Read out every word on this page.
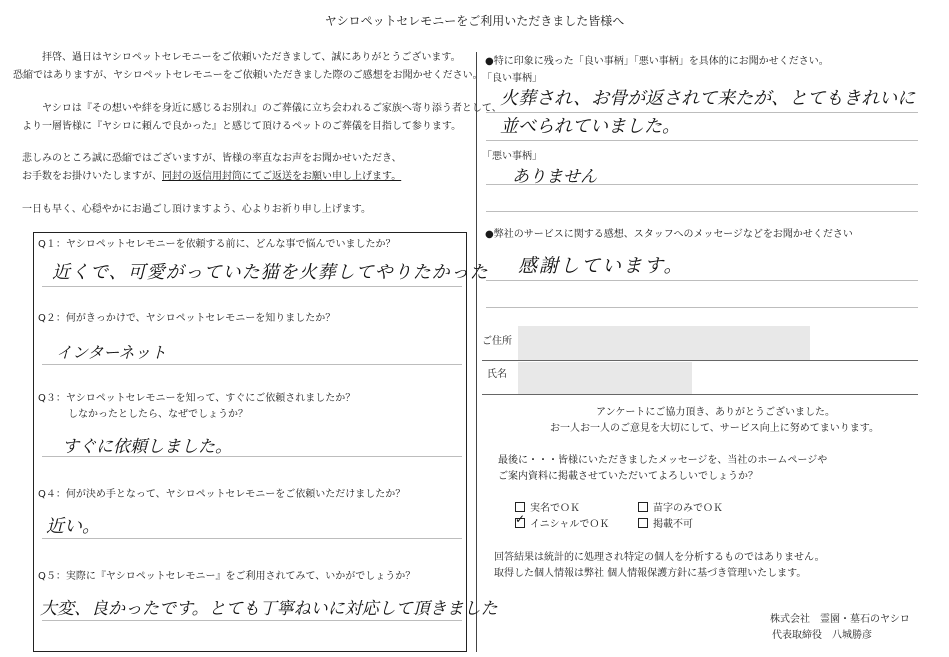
ヤシロペットセレモニーをご利用いただきました皆様へ
拝啓、過日はヤシロペットセレモニーをご依頼いただきまして、誠にありがとうございます。
恐縮ではありますが、ヤシロペットセレモニーをご依頼いただきました際のご感想をお聞かせください。
ヤシロは『その想いや絆を身近に感じるお別れ』のご葬儀に立ち会われるご家族へ寄り添う者として、
より一層皆様に『ヤシロに頼んで良かった』と感じて頂けるペットのご葬儀を目指して参ります。
悲しみのところ誠に恐縮ではございますが、皆様の率直なお声をお聞かせいただき、
お手数をお掛けいたしますが、同封の返信用封筒にてご返送をお願い申し上げます。
一日も早く、心穏やかにお過ごし頂けますよう、心よりお祈り申し上げます。
Q１：ヤシロペットセレモニーを依頼する前に、どんな事で悩んでいましたか？
近くで、可愛がっていた猫を火葬してやりたかった
Q２：何がきっかけで、ヤシロペットセレモニーを知りましたか？
インターネット
Q３：ヤシロペットセレモニーを知って、すぐにご依頼されましたか？
しなかったとしたら、なぜでしょうか？
すぐに依頼しました。
Q４：何が決め手となって、ヤシロペットセレモニーをご依頼いただけましたか？
近い。
Q５：実際に『ヤシロペットセレモニー』をご利用されてみて、いかがでしょうか？
大変、良かったです。とても丁寧ねいに対応して頂きました
●特に印象に残った「良い事柄」「悪い事柄」を具体的にお聞かせください。
「良い事柄」
火葬され、お骨が返されて来たが、とてもきれいに
並べられていました。
「悪い事柄」
ありません
●弊社のサービスに関する感想、スタッフへのメッセージなどをお聞かせください
感謝しています。
ご住所
氏名
アンケートにご協力頂き、ありがとうございました。
お一人お一人のご意見を大切にして、サービス向上に努めてまいります。
最後に・・・皆様にいただきましたメッセージを、当社のホームページや
ご案内資料に掲載させていただいてよろしいでしょうか？
実名でＯＫ	苗字のみでＯＫ
✓ イニシャルでＯＫ	掲載不可
回答結果は統計的に処理され特定の個人を分析するものではありません。
取得した個人情報は弊社 個人情報保護方針に基づき管理いたします。
株式会社　霊園・墓石のヤシロ
代表取締役　八城勝彦
